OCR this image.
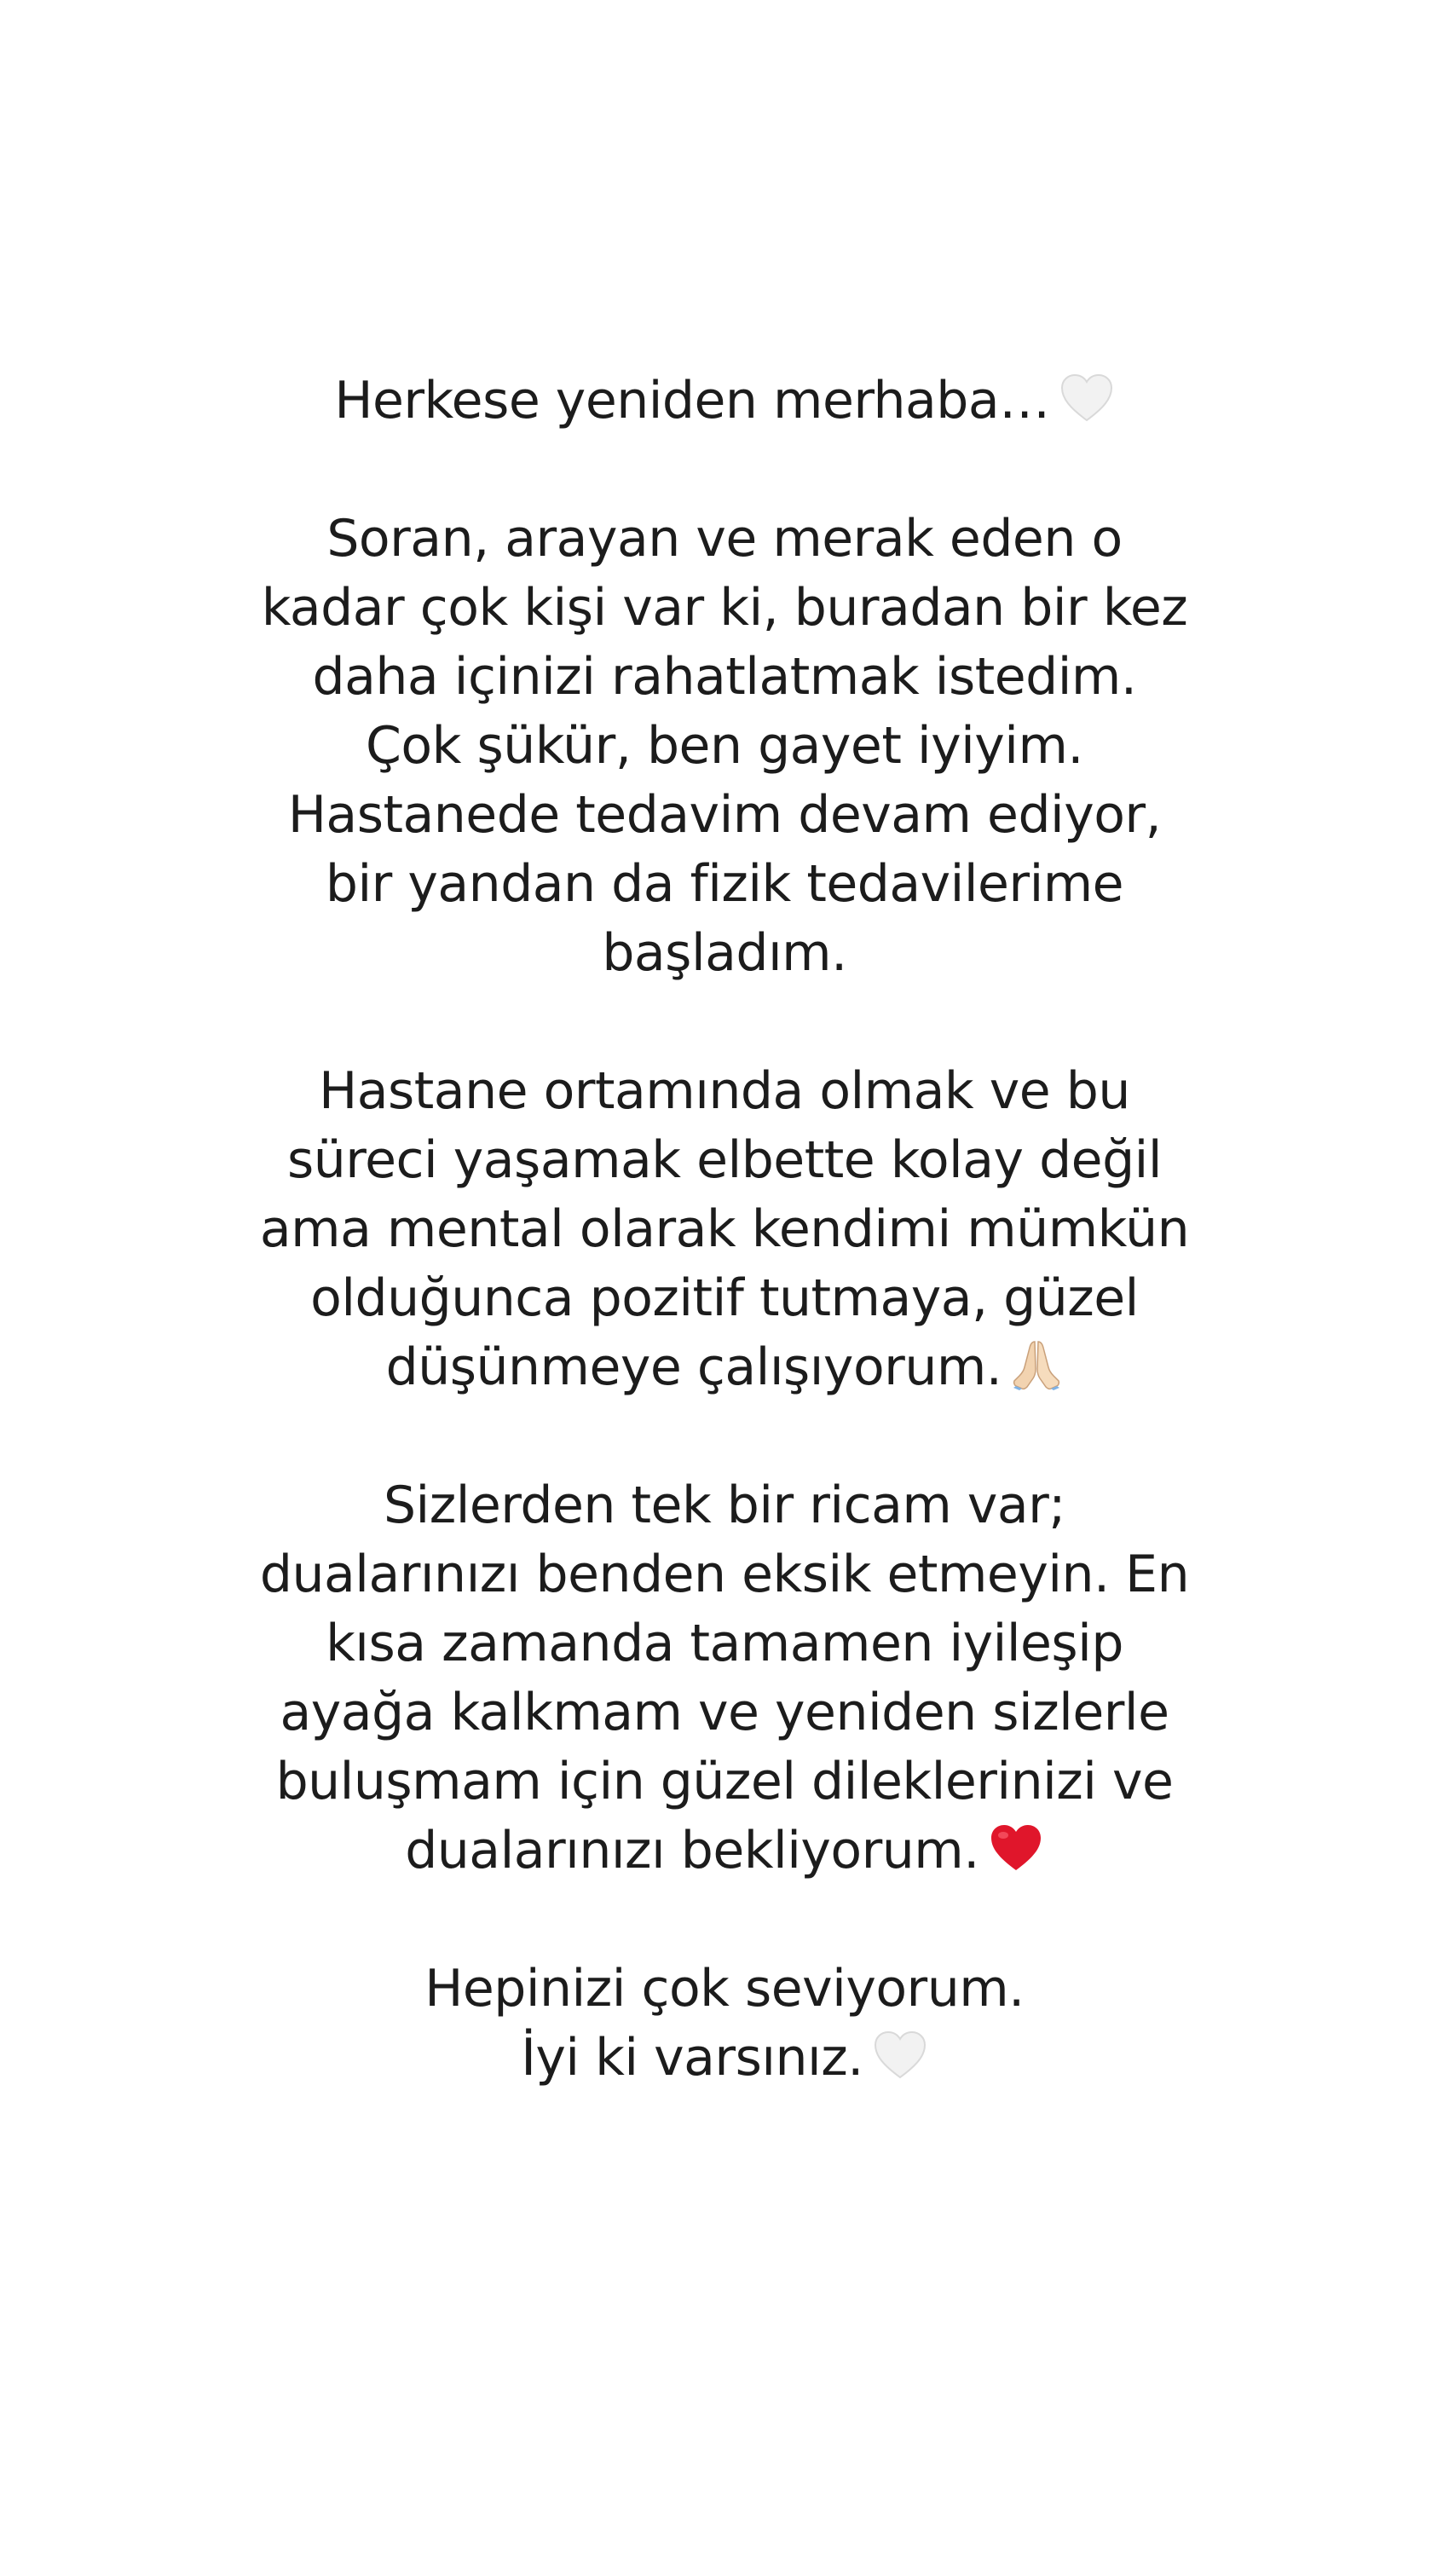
Herkese yeniden merhaba…

Soran, arayan ve merak eden o
kadar çok kişi var ki, buradan bir kez
daha içinizi rahatlatmak istedim.
Çok şükür, ben gayet iyiyim.
Hastanede tedavim devam ediyor,
bir yandan da fizik tedavilerime
başladım.

Hastane ortamında olmak ve bu
süreci yaşamak elbette kolay değil
ama mental olarak kendimi mümkün
olduğunca pozitif tutmaya, güzel
düşünmeye çalışıyorum.

Sizlerden tek bir ricam var;
dualarınızı benden eksik etmeyin. En
kısa zamanda tamamen iyileşip
ayağa kalkmam ve yeniden sizlerle
buluşmam için güzel dileklerinizi ve
dualarınızı bekliyorum.

Hepinizi çok seviyorum.
İyi ki varsınız.
